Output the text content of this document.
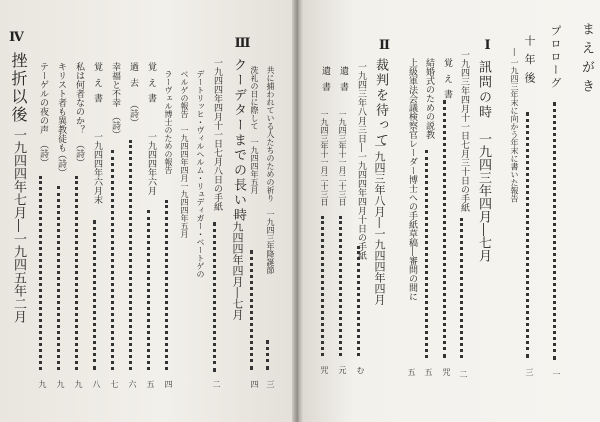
まえがき
プロローグ
一
十 年 後
― 一九四三年末に向かう年末に書いた報告
三
Ⅰ
訊問の時
一九四三年四月―七月
一九四三年四月十一日七月三十日の手紙
二
覚 え 書
咒
結婚式のための説教
五
上級軍法会議検察官レーダー博士への手紙草稿―審問の間に
五
Ⅱ
裁判を待って
一九四三年八月―一九四四年四月
一九四三年八月三日―一九四四年四月十日の手紙
む
遺 書
一九四三年十一月二十三日
元
遺 書
一九四三年十一月二十三日
咒
Ⅲ
クーデターまでの長い時
一九四四年四月―七月
一九四四年四月十一日七月八日の手紙
二
共に捕われている人たちのための祈り　一九四三年降誕節
三
洗礼の日に際して　一九四四年五月
四
デートリッヒ・ヴィルヘルム・リュディガー・ベートゲの
ベルゲの報告　一九四四年四月一九四四年五月
ラーヴェル博士のための報告
四
覚 え 書
一九四四年六月
五
過 去
（詩）
六
幸福と不幸
（詩）
七
覚 え 書
一九四四年六月末
八
私は何者なのか？
（詩）
九
キリスト者も異教徒も
（詩）
九
テーゲルの夜の声
（詩）
九
Ⅳ
挫折以後
一九四四年七月―一九四五年二月
